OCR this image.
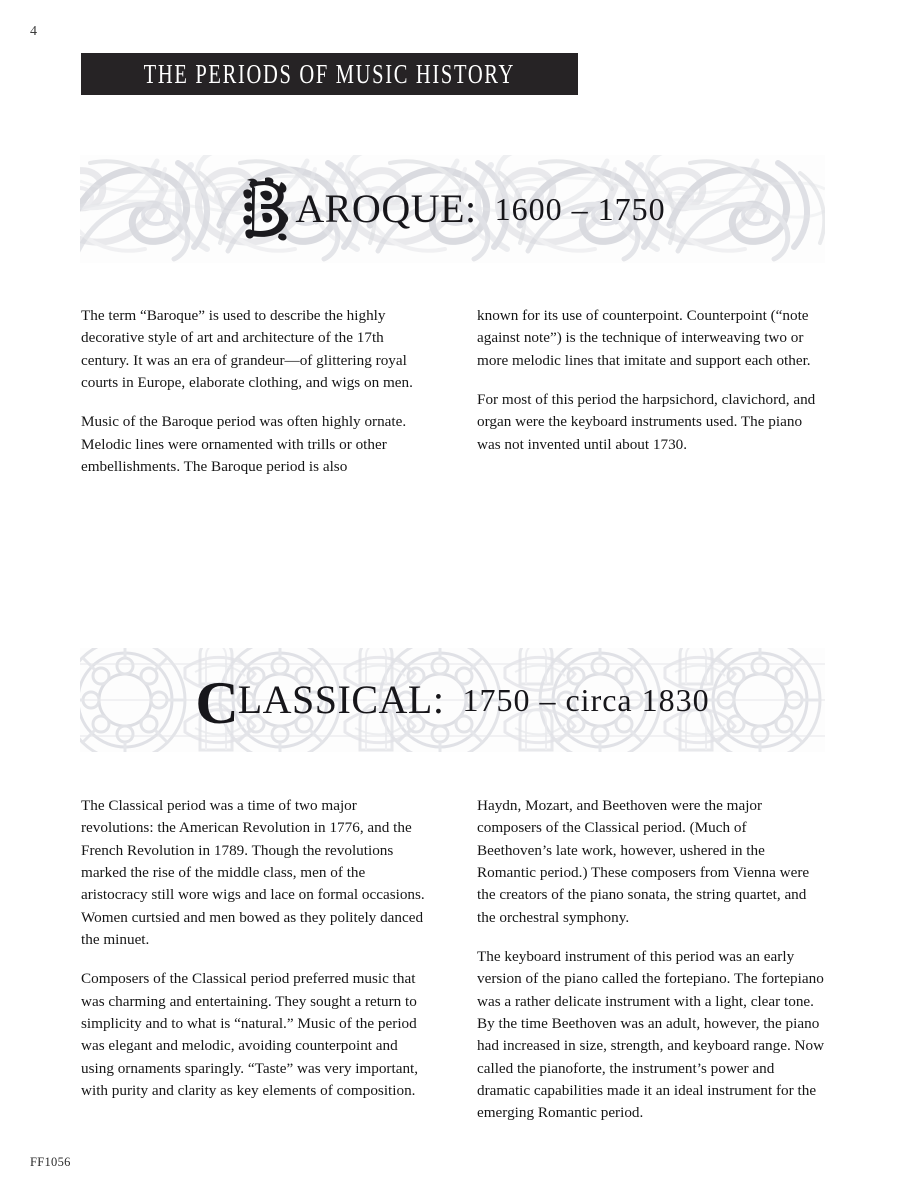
4
THE PERIODS OF MUSIC HISTORY
AROQUE: 1600 – 1750

The term “Baroque” is used to describe the highly decorative style of art and architecture of the 17th century. It was an era of grandeur—of glittering royal courts in Europe, elaborate clothing, and wigs on men.

Music of the Baroque period was often highly ornate. Melodic lines were ornamented with trills or other embellishments. The Baroque period is also

known for its use of counterpoint. Counterpoint (“note against note”) is the technique of interweaving two or more melodic lines that imitate and support each other.

For most of this period the harpsichord, clavichord, and organ were the keyboard instruments used. The piano was not invented until about 1730.

C LASSICAL: 1750 – circa 1830

The Classical period was a time of two major revolutions: the American Revolution in 1776, and the French Revolution in 1789. Though the revolutions marked the rise of the middle class, men of the aristocracy still wore wigs and lace on formal occasions. Women curtsied and men bowed as they politely danced the minuet.

Composers of the Classical period preferred music that was charming and entertaining. They sought a return to simplicity and to what is “natural.” Music of the period was elegant and melodic, avoiding counterpoint and using ornaments sparingly. “Taste” was very important, with purity and clarity as key elements of composition.

Haydn, Mozart, and Beethoven were the major composers of the Classical period. (Much of Beethoven’s late work, however, ushered in the Romantic period.) These composers from Vienna were the creators of the piano sonata, the string quartet, and the orchestral symphony.

The keyboard instrument of this period was an early version of the piano called the fortepiano. The fortepiano was a rather delicate instrument with a light, clear tone. By the time Beethoven was an adult, however, the piano had increased in size, strength, and keyboard range. Now called the pianoforte, the instrument’s power and dramatic capabilities made it an ideal instrument for the emerging Romantic period.

FF1056
